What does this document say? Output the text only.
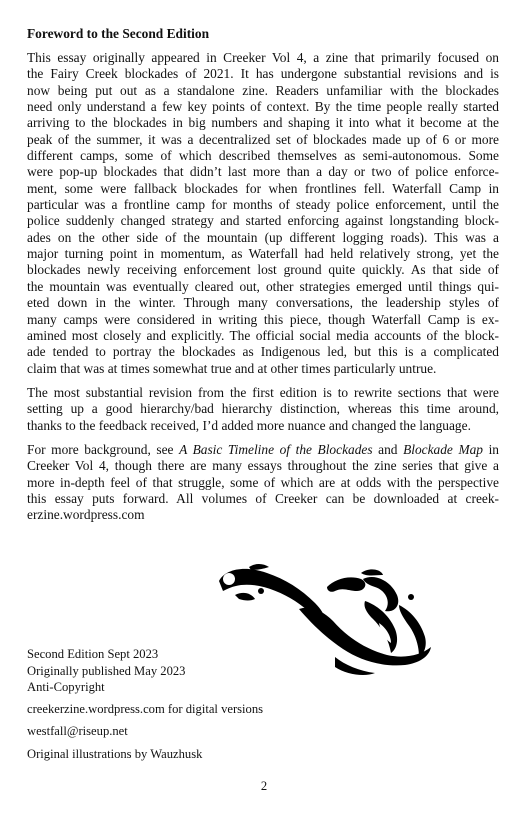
Foreword to the Second Edition
This essay originally appeared in Creeker Vol 4, a zine that primarily focused on
the Fairy Creek blockades of 2021. It has undergone substantial revisions and is
now being put out as a standalone zine. Readers unfamiliar with the blockades
need only understand a few key points of context. By the time people really started
arriving to the blockades in big numbers and shaping it into what it become at the
peak of the summer, it was a decentralized set of blockades made up of 6 or more
different camps, some of which described themselves as semi-autonomous. Some
were pop-up blockades that didn’t last more than a day or two of police enforce-
ment, some were fallback blockades for when frontlines fell. Waterfall Camp in
particular was a frontline camp for months of steady police enforcement, until the
police suddenly changed strategy and started enforcing against longstanding block-
ades on the other side of the mountain (up different logging roads). This was a
major turning point in momentum, as Waterfall had held relatively strong, yet the
blockades newly receiving enforcement lost ground quite quickly. As that side of
the mountain was eventually cleared out, other strategies emerged until things qui-
eted down in the winter. Through many conversations, the leadership styles of
many camps were considered in writing this piece, though Waterfall Camp is ex-
amined most closely and explicitly. The official social media accounts of the block-
ade tended to portray the blockades as Indigenous led, but this is a complicated
claim that was at times somewhat true and at other times particularly untrue.
The most substantial revision from the first edition is to rewrite sections that were
setting up a good hierarchy/bad hierarchy distinction, whereas this time around,
thanks to the feedback received, I’d added more nuance and changed the language.
For more background, see A Basic Timeline of the Blockades and Blockade Map in
Creeker Vol 4, though there are many essays throughout the zine series that give a
more in-depth feel of that struggle, some of which are at odds with the perspective
this essay puts forward. All volumes of Creeker can be downloaded at creek-
erzine.wordpress.com
Second Edition Sept 2023
Originally published May 2023
Anti-Copyright
creekerzine.wordpress.com for digital versions
westfall@riseup.net
Original illustrations by Wauzhusk
2
